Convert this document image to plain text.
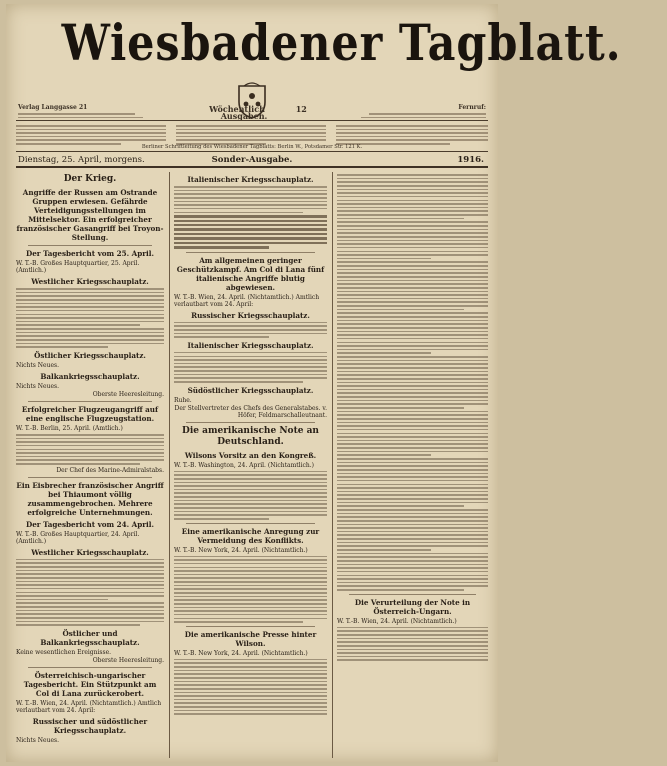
Wiesbadener Tagblatt.
Verlag Langgasse 21	Wöchentlich	12 Ausgaben.
Fernruf:
Dienstag, 25. April, morgens.	Sonder-Ausgabe.	1916.
Der Krieg.
Angriffe der Russen am Ostrande Gruppen erwiesen. Gefährde Verteidigungsstellungen im Mittelsektor. Ein erfolgreicher französischer Gasangriff bei Troyon-Stellung.
Der Tagesbericht vom 25. April.
W. T.-B. Großes Hauptquartier, 25. April. (Amtlich.)
Westlicher Kriegsschauplatz.
Östlicher Kriegsschauplatz.
Nichts Neues.
Balkankriegsschauplatz.
Nichts Neues.
Oberste Heeresleitung.
Erfolgreicher Flugzeugangriff auf eine englische Flugzeugstation.
W. T.-B. Berlin, 25. April. (Amtlich.)
Der Chef des Marine-Admiralstabs.
Ein Eisbrecher französischer Angriff bei Thiaumont völlig zusammengebrochen. Mehrere erfolgreiche Unternehmungen.
Der Tagesbericht vom 24. April.
W. T.-B. Großes Hauptquartier, 24. April. (Amtlich.)
Westlicher Kriegsschauplatz.
Östlicher und Balkankriegsschauplatz.
Keine wesentlichen Ereignisse.
Oberste Heeresleitung.
Österreichisch-ungarischer Tagesbericht. Ein Stützpunkt am Col di Lana zurückerobert.
W. T.-B. Wien, 24. April. (Nichtamtlich.) Amtlich verlautbart vom 24. April:
Russischer und südöstlicher Kriegsschauplatz.
Nichts Neues.
Italienischer Kriegsschauplatz.
Am allgemeinen geringer Geschützkampf. Am Col di Lana fünf italienische Angriffe blutig abgewiesen.
W. T.-B. Wien, 24. April. (Nichtamtlich.) Amtlich verlautbart vom 24. April:
Russischer Kriegsschauplatz.
Italienischer Kriegsschauplatz.
Südöstlicher Kriegsschauplatz.
Ruhe.
Der Stellvertreter des Chefs des Generalstabes. v. Höfer, Feldmarschalleutnant.
Die amerikanische Note an Deutschland.
Wilsons Vorsitz an den Kongreß.
W. T.-B. Washington, 24. April. (Nichtamtlich.)
Eine amerikanische Anregung zur Vermeidung des Konflikts.
W. T.-B. New York, 24. April. (Nichtamtlich.)
Die amerikanische Presse hinter Wilson.
W. T.-B. New York, 24. April. (Nichtamtlich.)
Die Verurteilung der Note in Österreich-Ungarn.
W. T.-B. Wien, 24. April. (Nichtamtlich.)
Berliner Schriftleitung des Wiesbadener Tagblatts: Berlin W., Potsdamer Str. 121 K.
